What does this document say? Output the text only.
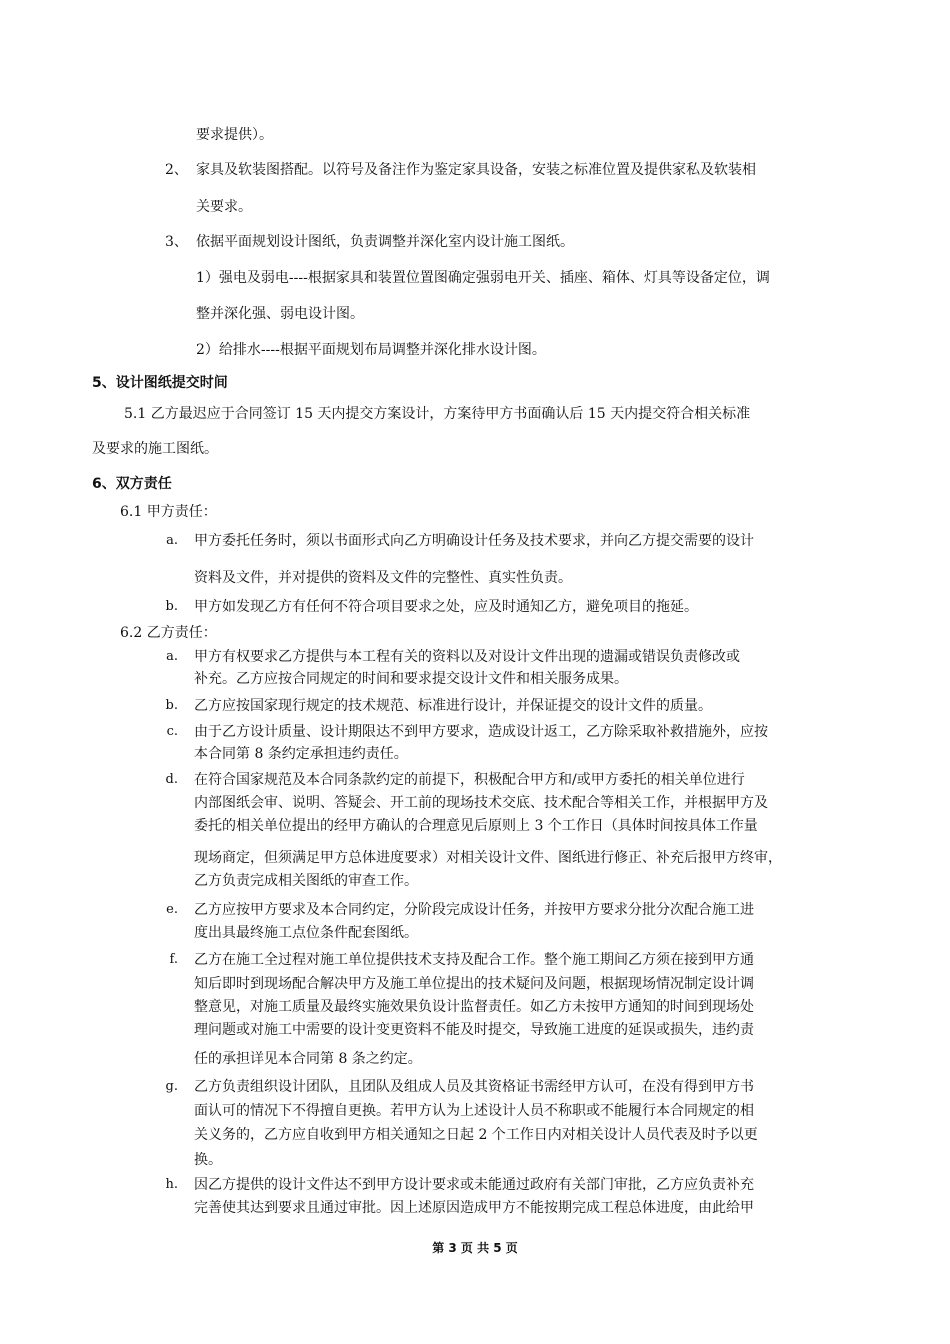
要求提供）。
2、 家具及软装图搭配。以符号及备注作为鉴定家具设备，安装之标准位置及提供家私及软装相
关要求。
3、 依据平面规划设计图纸，负责调整并深化室内设计施工图纸。
1）强电及弱电----根据家具和装置位置图确定强弱电开关、插座、箱体、灯具等设备定位，调
整并深化强、弱电设计图。
2）给排水----根据平面规划布局调整并深化排水设计图。
5、设计图纸提交时间
5.1 乙方最迟应于合同签订 15 天内提交方案设计，方案待甲方书面确认后 15 天内提交符合相关标准
及要求的施工图纸。
6、双方责任
6.1 甲方责任：
a. 甲方委托任务时，须以书面形式向乙方明确设计任务及技术要求，并向乙方提交需要的设计
资料及文件，并对提供的资料及文件的完整性、真实性负责。
b. 甲方如发现乙方有任何不符合项目要求之处，应及时通知乙方，避免项目的拖延。
6.2 乙方责任：
a. 甲方有权要求乙方提供与本工程有关的资料以及对设计文件出现的遗漏或错误负责修改或
补充。乙方应按合同规定的时间和要求提交设计文件和相关服务成果。
b. 乙方应按国家现行规定的技术规范、标准进行设计，并保证提交的设计文件的质量。
c. 由于乙方设计质量、设计期限达不到甲方要求，造成设计返工，乙方除采取补救措施外，应按
本合同第 8 条约定承担违约责任。
d. 在符合国家规范及本合同条款约定的前提下，积极配合甲方和/或甲方委托的相关单位进行
内部图纸会审、说明、答疑会、开工前的现场技术交底、技术配合等相关工作，并根据甲方及
委托的相关单位提出的经甲方确认的合理意见后原则上 3 个工作日（具体时间按具体工作量
现场商定，但须满足甲方总体进度要求）对相关设计文件、图纸进行修正、补充后报甲方终审，
乙方负责完成相关图纸的审查工作。
e. 乙方应按甲方要求及本合同约定，分阶段完成设计任务，并按甲方要求分批分次配合施工进
度出具最终施工点位条件配套图纸。
f. 乙方在施工全过程对施工单位提供技术支持及配合工作。整个施工期间乙方须在接到甲方通
知后即时到现场配合解决甲方及施工单位提出的技术疑问及问题，根据现场情况制定设计调
整意见，对施工质量及最终实施效果负设计监督责任。如乙方未按甲方通知的时间到现场处
理问题或对施工中需要的设计变更资料不能及时提交，导致施工进度的延误或损失，违约责
任的承担详见本合同第 8 条之约定。
g. 乙方负责组织设计团队，且团队及组成人员及其资格证书需经甲方认可，在没有得到甲方书
面认可的情况下不得擅自更换。若甲方认为上述设计人员不称职或不能履行本合同规定的相
关义务的，乙方应自收到甲方相关通知之日起 2 个工作日内对相关设计人员代表及时予以更
换。
h. 因乙方提供的设计文件达不到甲方设计要求或未能通过政府有关部门审批，乙方应负责补充
完善使其达到要求且通过审批。因上述原因造成甲方不能按期完成工程总体进度，由此给甲
第 3 页 共 5 页
